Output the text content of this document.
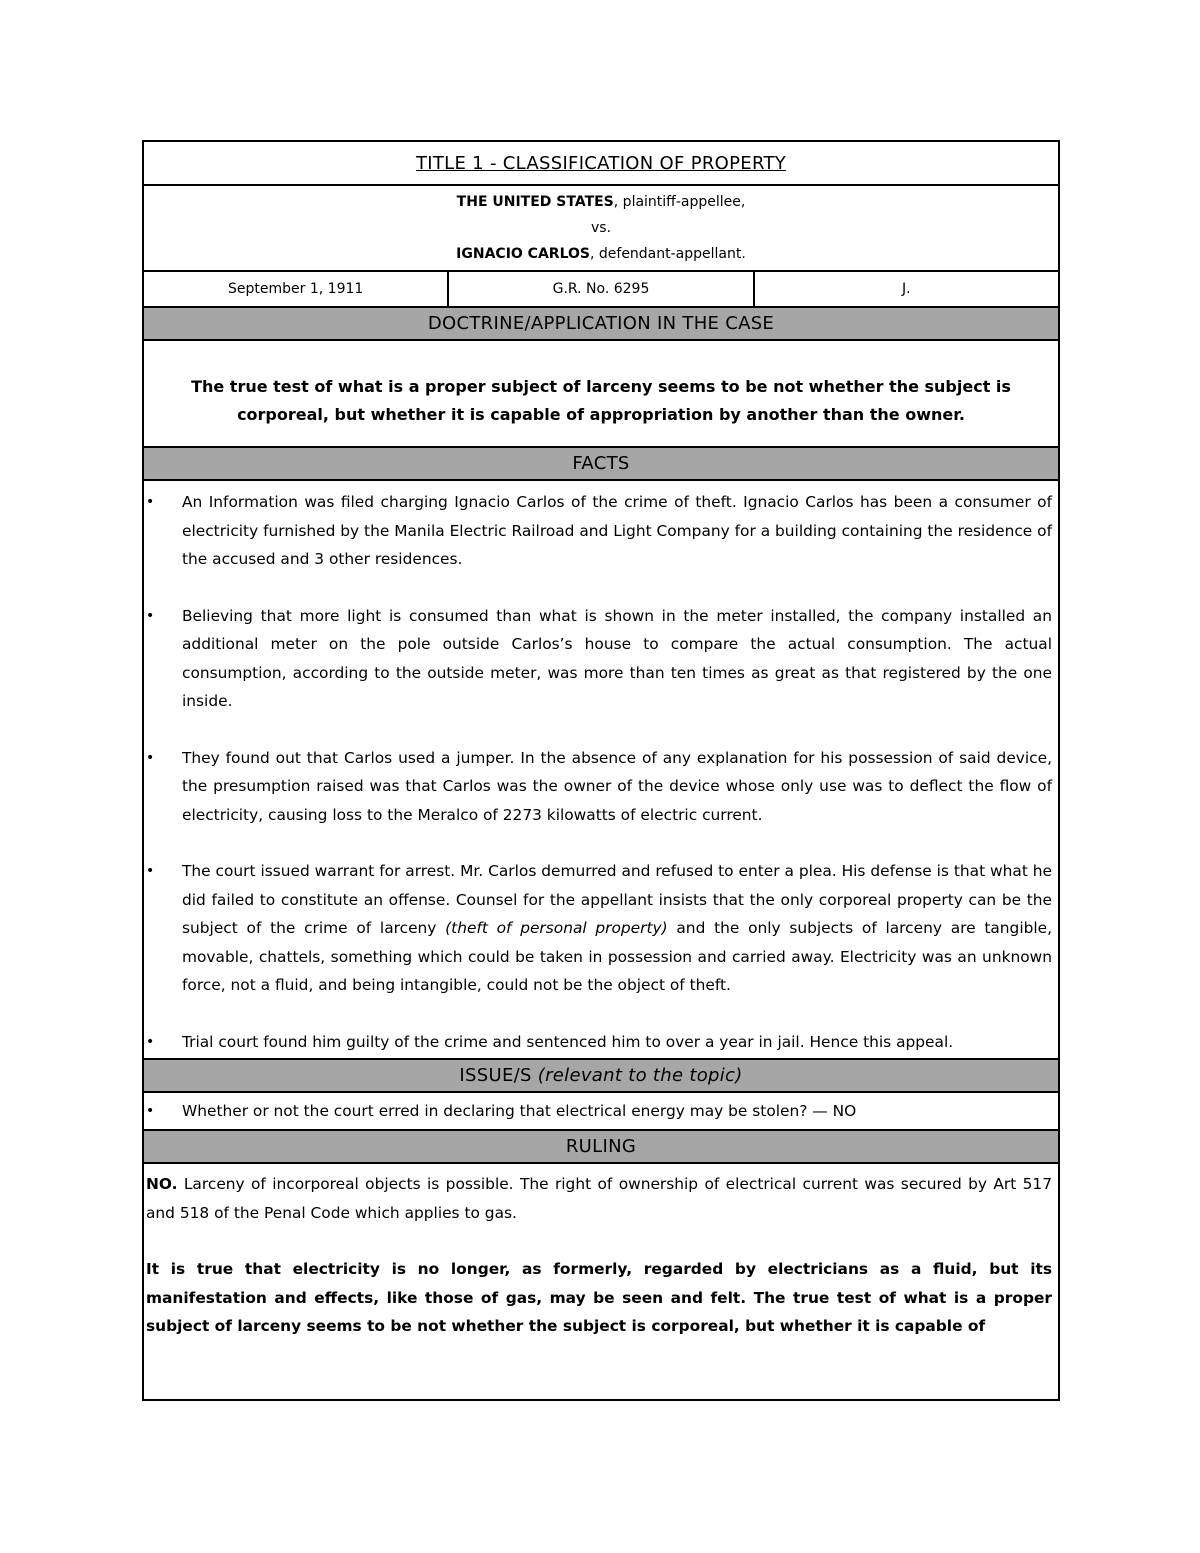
TITLE 1 - CLASSIFICATION OF PROPERTY
THE UNITED STATES, plaintiff-appellee,
vs.
IGNACIO CARLOS, defendant-appellant.
September 1, 1911	G.R. No. 6295	J.
DOCTRINE/APPLICATION IN THE CASE
The true test of what is a proper subject of larceny seems to be not whether the subject is corporeal, but whether it is capable of appropriation by another than the owner.
FACTS
•	An Information was filed charging Ignacio Carlos of the crime of theft. Ignacio Carlos has been a consumer of electricity furnished by the Manila Electric Railroad and Light Company for a building containing the residence of the accused and 3 other residences.
•	Believing that more light is consumed than what is shown in the meter installed, the company installed an additional meter on the pole outside Carlos’s house to compare the actual consumption. The actual consumption, according to the outside meter, was more than ten times as great as that registered by the one inside.
•	They found out that Carlos used a jumper. In the absence of any explanation for his possession of said device, the presumption raised was that Carlos was the owner of the device whose only use was to deflect the flow of electricity, causing loss to the Meralco of 2273 kilowatts of electric current.
•	The court issued warrant for arrest. Mr. Carlos demurred and refused to enter a plea. His defense is that what he did failed to constitute an offense. Counsel for the appellant insists that the only corporeal property can be the subject of the crime of larceny (theft of personal property) and the only subjects of larceny are tangible, movable, chattels, something which could be taken in possession and carried away. Electricity was an unknown force, not a fluid, and being intangible, could not be the object of theft.
•	Trial court found him guilty of the crime and sentenced him to over a year in jail. Hence this appeal.
ISSUE/S
(relevant to the topic)
•	Whether or not the court erred in declaring that electrical energy may be stolen? — NO
RULING

NO. Larceny of incorporeal objects is possible. The right of ownership of electrical current was secured by Art 517 and 518 of the Penal Code which applies to gas.

It is true that electricity is no longer, as formerly, regarded by electricians as a fluid, but its manifestation and effects, like those of gas, may be seen and felt. The true test of what is a proper subject of larceny seems to be not whether the subject is corporeal, but whether it is capable of
